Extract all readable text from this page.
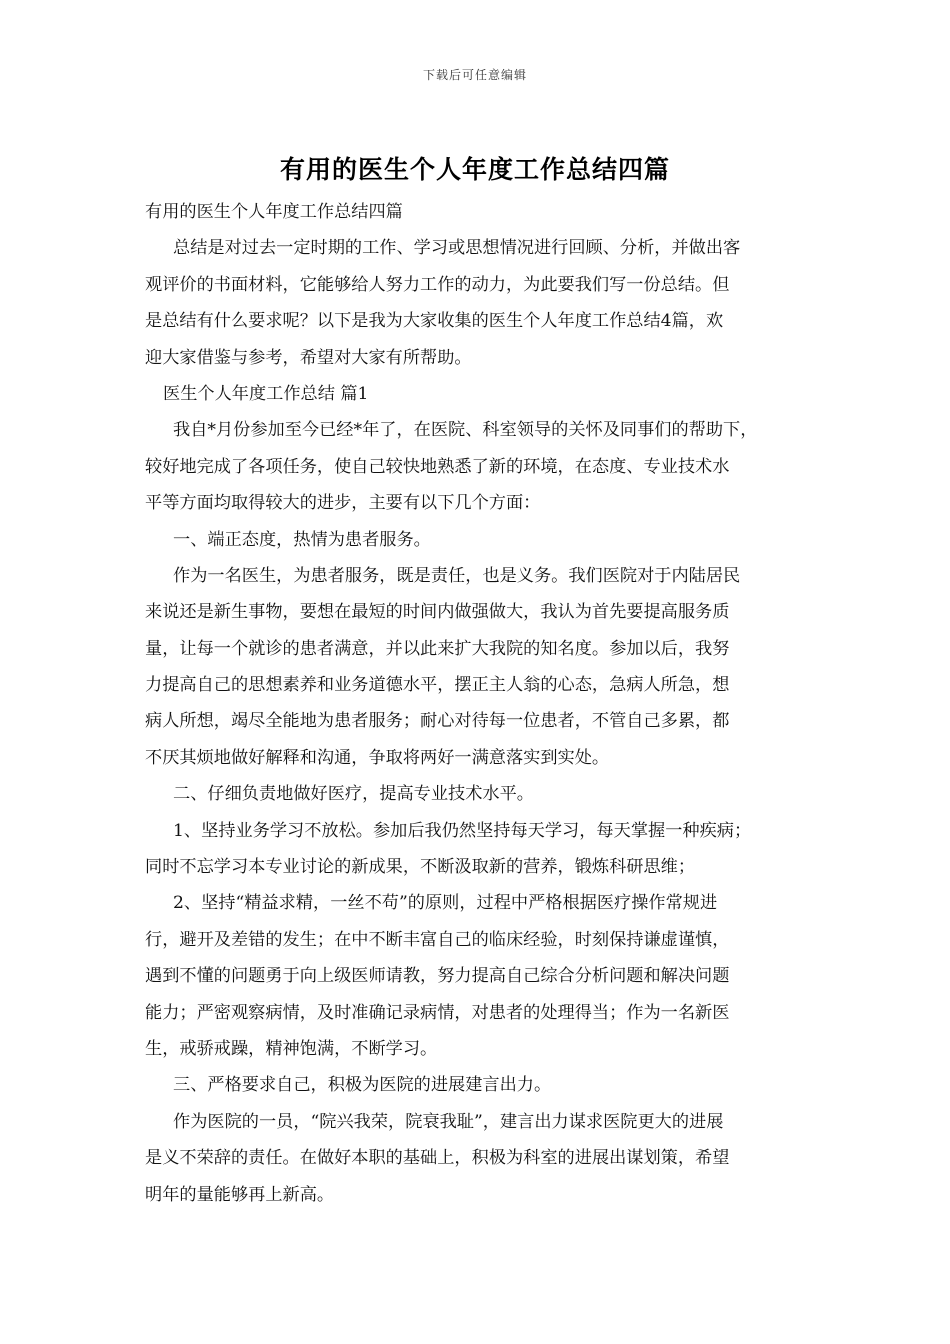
下载后可任意编辑
有用的医生个人年度工作总结四篇
有用的医生个人年度工作总结四篇
总结是对过去一定时期的工作、学习或思想情况进行回顾、分析，并做出客
观评价的书面材料，它能够给人努力工作的动力，为此要我们写一份总结。但
是总结有什么要求呢？以下是我为大家收集的医生个人年度工作总结4篇，欢
迎大家借鉴与参考，希望对大家有所帮助。
医生个人年度工作总结 篇1
我自*月份参加至今已经*年了，在医院、科室领导的关怀及同事们的帮助下，
较好地完成了各项任务，使自己较快地熟悉了新的环境，在态度、专业技术水
平等方面均取得较大的进步，主要有以下几个方面：
一、端正态度，热情为患者服务。
作为一名医生，为患者服务，既是责任，也是义务。我们医院对于内陆居民
来说还是新生事物，要想在最短的时间内做强做大，我认为首先要提高服务质
量，让每一个就诊的患者满意，并以此来扩大我院的知名度。参加以后，我努
力提高自己的思想素养和业务道德水平，摆正主人翁的心态，急病人所急，想
病人所想，竭尽全能地为患者服务；耐心对待每一位患者，不管自己多累，都
不厌其烦地做好解释和沟通，争取将两好一满意落实到实处。
二、仔细负责地做好医疗，提高专业技术水平。
1、坚持业务学习不放松。参加后我仍然坚持每天学习，每天掌握一种疾病；
同时不忘学习本专业讨论的新成果，不断汲取新的营养，锻炼科研思维；
2、坚持“精益求精，一丝不苟”的原则，过程中严格根据医疗操作常规进
行，避开及差错的发生；在中不断丰富自己的临床经验，时刻保持谦虚谨慎，
遇到不懂的问题勇于向上级医师请教，努力提高自己综合分析问题和解决问题
能力；严密观察病情，及时准确记录病情，对患者的处理得当；作为一名新医
生，戒骄戒躁，精神饱满，不断学习。
三、严格要求自己，积极为医院的进展建言出力。
作为医院的一员，“院兴我荣，院衰我耻”，建言出力谋求医院更大的进展
是义不荣辞的责任。在做好本职的基础上，积极为科室的进展出谋划策，希望
明年的量能够再上新高。
